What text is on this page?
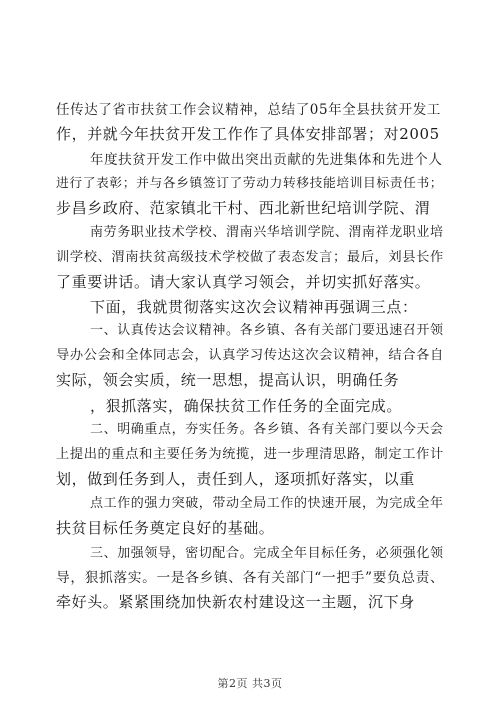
任传达了省市扶贫工作会议精神，总结了05年全县扶贫开发工
作，并就今年扶贫开发工作作了具体安排部署；对2005
年度扶贫开发工作中做出突出贡献的先进集体和先进个人
进行了表彰；并与各乡镇签订了劳动力转移技能培训目标责任书；
步昌乡政府、范家镇北干村、西北新世纪培训学院、渭
南劳务职业技术学校、渭南兴华培训学院、渭南祥龙职业培
训学校、渭南扶贫高级技术学校做了表态发言；最后，刘县长作
了重要讲话。请大家认真学习领会，并切实抓好落实。
下面，我就贯彻落实这次会议精神再强调三点：
一、认真传达会议精神。各乡镇、各有关部门要迅速召开领
导办公会和全体同志会，认真学习传达这次会议精神，结合各自
实际，领会实质，统一思想，提高认识，明确任务
，狠抓落实，确保扶贫工作任务的全面完成。
二、明确重点，夯实任务。各乡镇、各有关部门要以今天会
上提出的重点和主要任务为统揽，进一步理清思路，制定工作计
划，做到任务到人，责任到人，逐项抓好落实，以重
点工作的强力突破，带动全局工作的快速开展，为完成全年
扶贫目标任务奠定良好的基础。
三、加强领导，密切配合。完成全年目标任务，必须强化领
导，狠抓落实。一是各乡镇、各有关部门“一把手”要负总责、
牵好头。紧紧围绕加快新农村建设这一主题，沉下身
第2页 共3页
